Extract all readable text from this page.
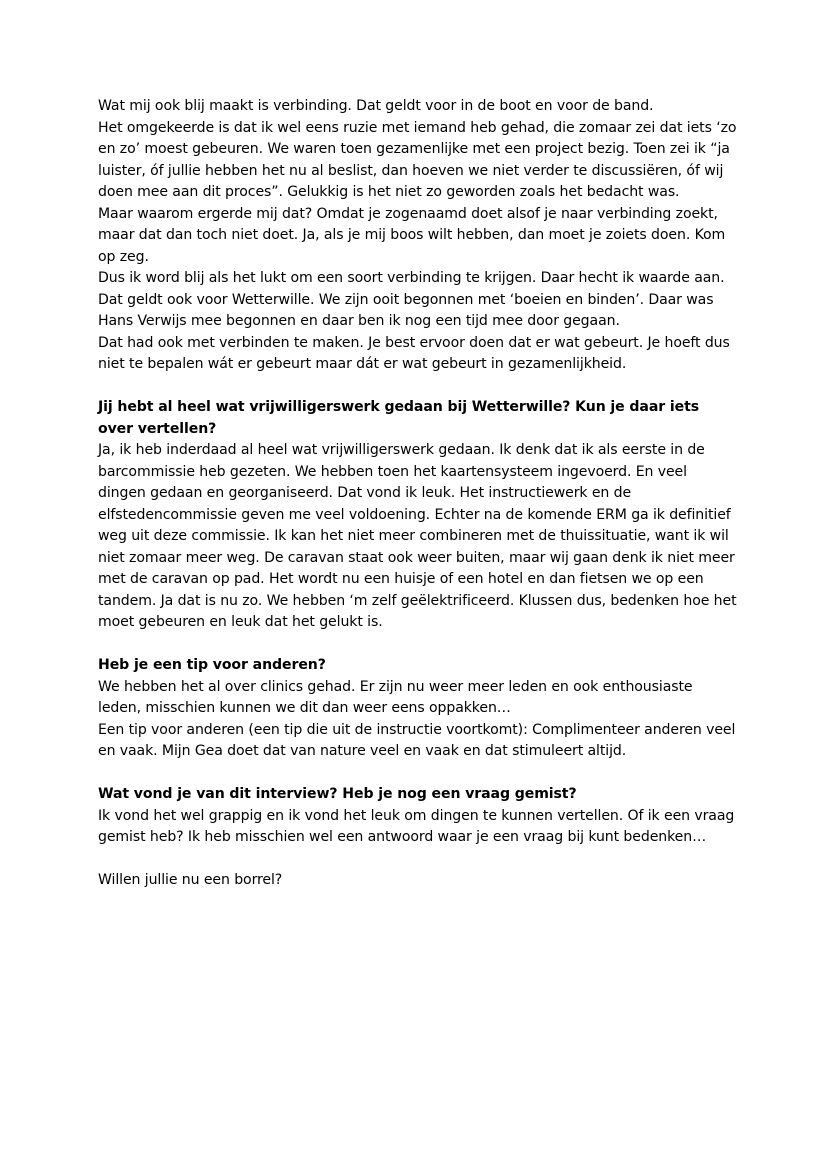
Wat mij ook blij maakt is verbinding. Dat geldt voor in de boot en voor de band.

Het omgekeerde is dat ik wel eens ruzie met iemand heb gehad, die zomaar zei dat iets ‘zo en zo’ moest gebeuren. We waren toen gezamenlijke met een project bezig. Toen zei ik “ja luister, óf jullie hebben het nu al beslist, dan hoeven we niet verder te discussiëren, óf wij doen mee aan dit proces”. Gelukkig is het niet zo geworden zoals het bedacht was.

Maar waarom ergerde mij dat? Omdat je zogenaamd doet alsof je naar verbinding zoekt, maar dat dan toch niet doet. Ja, als je mij boos wilt hebben, dan moet je zoiets doen. Kom op zeg.

Dus ik word blij als het lukt om een soort verbinding te krijgen. Daar hecht ik waarde aan.

Dat geldt ook voor Wetterwille. We zijn ooit begonnen met ‘boeien en binden’. Daar was Hans Verwijs mee begonnen en daar ben ik nog een tijd mee door gegaan.

Dat had ook met verbinden te maken. Je best ervoor doen dat er wat gebeurt. Je hoeft dus niet te bepalen wát er gebeurt maar dát er wat gebeurt in gezamenlijkheid.

Jij hebt al heel wat vrijwilligerswerk gedaan bij Wetterwille? Kun je daar iets over vertellen?

Ja, ik heb inderdaad al heel wat vrijwilligerswerk gedaan. Ik denk dat ik als eerste in de barcommissie heb gezeten. We hebben toen het kaartensysteem ingevoerd. En veel dingen gedaan en georganiseerd. Dat vond ik leuk. Het instructiewerk en de elfstedencommissie geven me veel voldoening. Echter na de komende ERM ga ik definitief weg uit deze commissie. Ik kan het niet meer combineren met de thuissituatie, want ik wil niet zomaar meer weg. De caravan staat ook weer buiten, maar wij gaan denk ik niet meer met de caravan op pad. Het wordt nu een huisje of een hotel en dan fietsen we op een tandem. Ja dat is nu zo. We hebben ‘m zelf geëlektrificeerd. Klussen dus, bedenken hoe het moet gebeuren en leuk dat het gelukt is.

Heb je een tip voor anderen?

We hebben het al over clinics gehad. Er zijn nu weer meer leden en ook enthousiaste leden, misschien kunnen we dit dan weer eens oppakken…

Een tip voor anderen (een tip die uit de instructie voortkomt): Complimenteer anderen veel en vaak. Mijn Gea doet dat van nature veel en vaak en dat stimuleert altijd.

Wat vond je van dit interview? Heb je nog een vraag gemist?

Ik vond het wel grappig en ik vond het leuk om dingen te kunnen vertellen. Of ik een vraag gemist heb? Ik heb misschien wel een antwoord waar je een vraag bij kunt bedenken…

Willen jullie nu een borrel?
